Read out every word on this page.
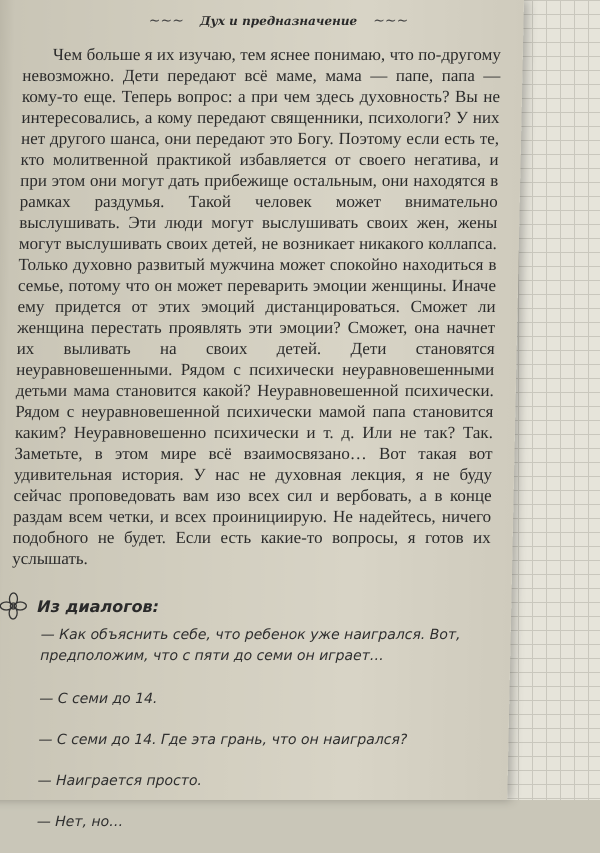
∼∼∼ Дух и предназначение ∼∼∼

Чем больше я их изучаю, тем яснее понимаю, что по-другому невозможно. Дети передают всё маме, мама — папе, папа — кому-то еще. Теперь вопрос: а при чем здесь духовность? Вы не интересовались, а кому передают священники, психологи? У них нет другого шанса, они передают это Богу. Поэтому если есть те, кто молитвенной практикой избавляется от своего негатива, и при этом они могут дать прибежище остальным, они находятся в рамках раздумья. Такой человек может внимательно выслушивать. Эти люди могут выслушивать своих жен, жены могут выслушивать своих детей, не возникает никакого коллапса. Только духовно развитый мужчина может спокойно находиться в семье, потому что он может переварить эмоции женщины. Иначе ему придется от этих эмоций дистанцироваться. Сможет ли женщина перестать проявлять эти эмоции? Сможет, она начнет их выливать на своих детей. Дети становятся неуравновешенными. Рядом с психически неуравновешенными детьми мама становится какой? Неуравновешенной психически. Рядом с неуравновешенной психически мамой папа становится каким? Неуравновешенно психически и т. д. Или не так? Так. Заметьте, в этом мире всё взаимосвязано… Вот такая вот удивительная история. У нас не духовная лекция, я не буду сейчас проповедовать вам изо всех сил и вербовать, а в конце раздам всем четки, и всех проинициирую. Не надейтесь, ничего подобного не будет. Если есть какие-то вопросы, я готов их услышать.

Из диалогов:
— Как объяснить себе, что ребенок уже наигрался. Вот, предположим, что с пяти до семи он играет…
— С семи до 14.
— С семи до 14. Где эта грань, что он наигрался?
— Наиграется просто.
— Нет, но…
